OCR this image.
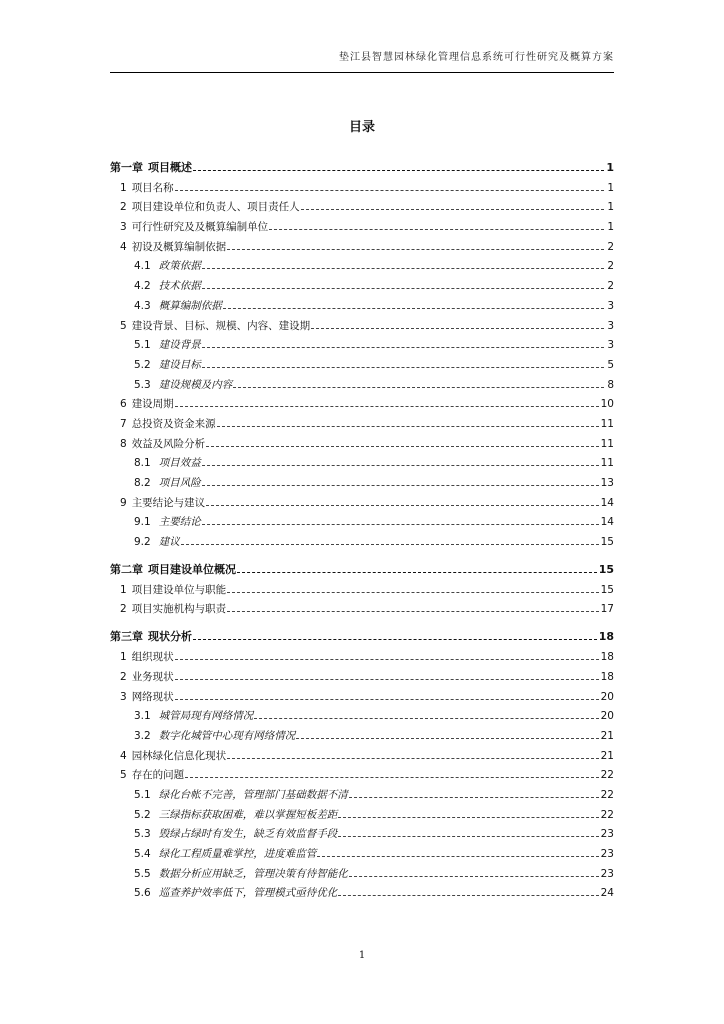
垫江县智慧园林绿化管理信息系统可行性研究及概算方案
目录
第一章 项目概述	1
1 项目名称	1
2 项目建设单位和负责人、项目责任人	1
3 可行性研究及及概算编制单位	1
4 初设及概算编制依据	2
4.1 政策依据	2
4.2 技术依据	2
4.3 概算编制依据	3
5 建设背景、目标、规模、内容、建设期	3
5.1 建设背景	3
5.2 建设目标	5
5.3 建设规模及内容	8
6 建设周期	10
7 总投资及资金来源	11
8 效益及风险分析	11
8.1 项目效益	11
8.2 项目风险	13
9 主要结论与建议	14
9.1 主要结论	14
9.2 建议	15
第二章 项目建设单位概况	15
1 项目建设单位与职能	15
2 项目实施机构与职责	17
第三章 现状分析	18
1 组织现状	18
2 业务现状	18
3 网络现状	20
3.1 城管局现有网络情况	20
3.2 数字化城管中心现有网络情况	21
4 园林绿化信息化现状	21
5 存在的问题	22
5.1 绿化台帐不完善，管理部门基础数据不清	22
5.2 三绿指标获取困难，难以掌握短板差距	22
5.3 毁绿占绿时有发生，缺乏有效监督手段	23
5.4 绿化工程质量难掌控，进度难监管	23
5.5 数据分析应用缺乏，管理决策有待智能化	23
5.6 巡查养护效率低下，管理模式亟待优化	24
1
